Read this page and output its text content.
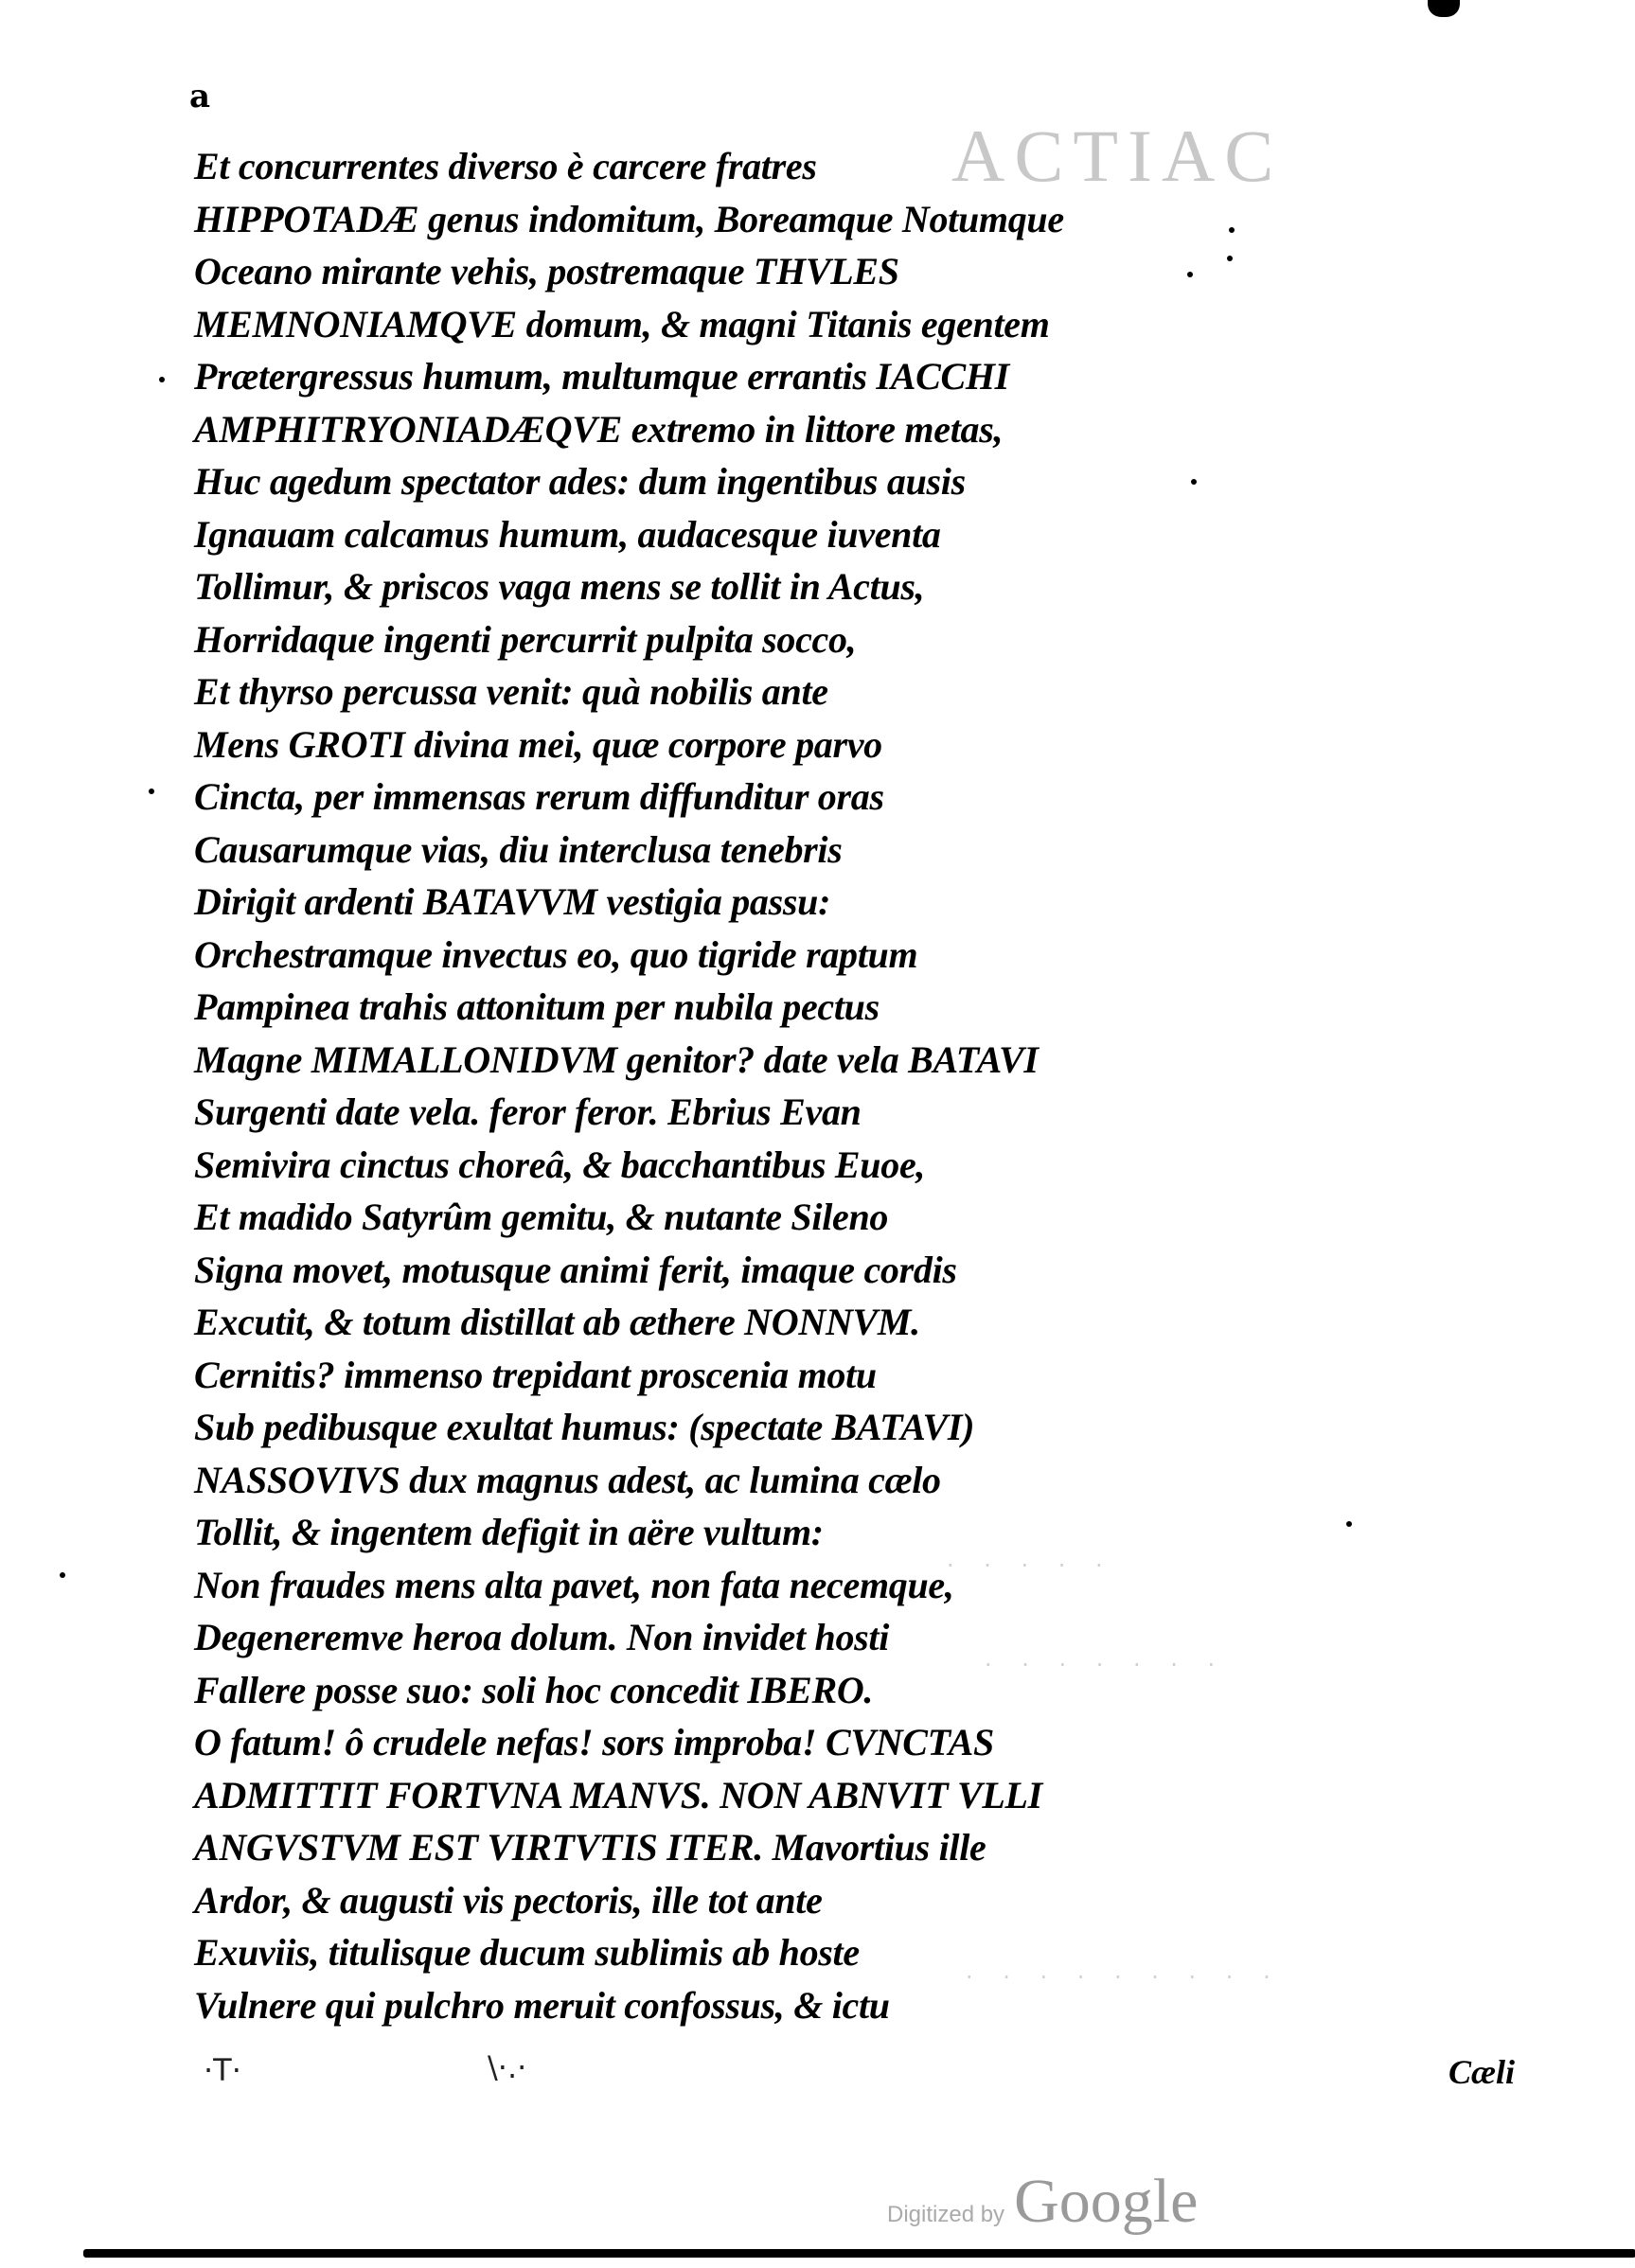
a
ACTIAC
· · · · ·
· · · · · · ·
· · · · · · · · ·
Et concurrentes diverso è carcere fratres
HIPPOTADÆ genus indomitum, Boreamque Notumque
Oceano mirante vehis, postremaque THVLES
MEMNONIAMQVE domum, & magni Titanis egentem
Prætergressus humum, multumque errantis IACCHI
AMPHITRYONIADÆQVE extremo in littore metas,
Huc agedum spectator ades: dum ingentibus ausis
Ignauam calcamus humum, audacesque iuventa
Tollimur, & priscos vaga mens se tollit in Actus,
Horridaque ingenti percurrit pulpita socco,
Et thyrso percussa venit: quà nobilis ante
Mens GROTI divina mei, quæ corpore parvo
Cincta, per immensas rerum diffunditur oras
Causarumque vias, diu interclusa tenebris
Dirigit ardenti BATAVVM vestigia passu:
Orchestramque invectus eo, quo tigride raptum
Pampinea trahis attonitum per nubila pectus
Magne MIMALLONIDVM genitor? date vela BATAVI
Surgenti date vela. feror feror. Ebrius Evan
Semivira cinctus choreâ, & bacchantibus Euoe,
Et madido Satyrûm gemitu, & nutante Sileno
Signa movet, motusque animi ferit, imaque cordis
Excutit, & totum distillat ab æthere NONNVM.
Cernitis? immenso trepidant proscenia motu
Sub pedibusque exultat humus: (spectate BATAVI)
NASSOVIVS dux magnus adest, ac lumina cælo
Tollit, & ingentem defigit in aëre vultum:
Non fraudes mens alta pavet, non fata necemque,
Degeneremve heroa dolum. Non invidet hosti
Fallere posse suo: soli hoc concedit IBERO.
O fatum! ô crudele nefas! sors improba! CVNCTAS
ADMITTIT FORTVNA MANVS. NON ABNVIT VLLI
ANGVSTVM EST VIRTVTIS ITER. Mavortius ille
Ardor, & augusti vis pectoris, ille tot ante
Exuviis, titulisque ducum sublimis ab hoste
Vulnere qui pulchro meruit confossus, & ictu
·T·	\·.·	Cæli
Digitized by Google
